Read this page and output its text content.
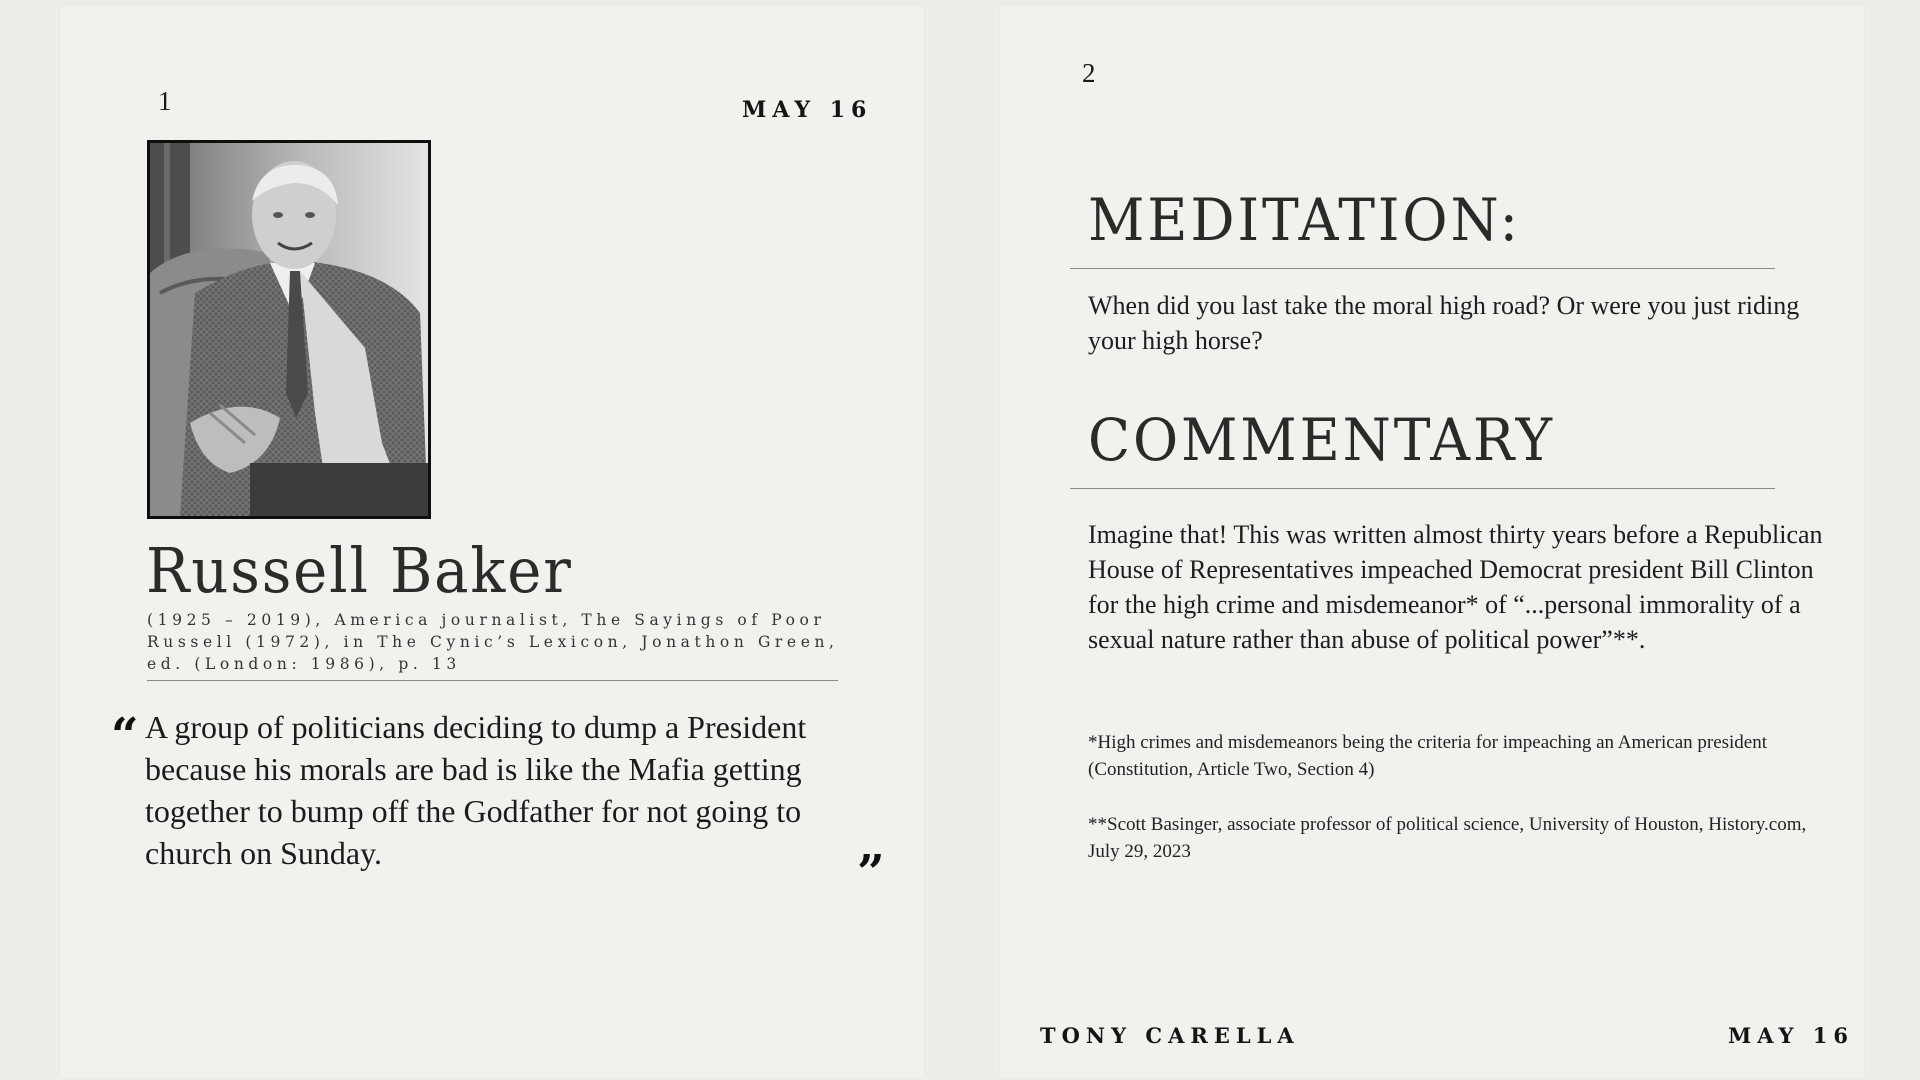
1	MAY 16
Russell Baker
(1925 – 2019), America journalist, The Sayings of Poor Russell (1972), in The Cynic’s Lexicon, Jonathon Green, ed. (London: 1986), p. 13
“ A group of politicians deciding to dump a President because his morals are bad is like the Mafia getting together to bump off the Godfather for not going to church on Sunday.	”
2
MEDITATION:
When did you last take the moral high road? Or were you just riding your high horse?
COMMENTARY
Imagine that! This was written almost thirty years before a Republican House of Representatives impeached Democrat president Bill Clinton for the high crime and misdemeanor* of “...personal immorality of a sexual nature rather than abuse of political power”**.
*High crimes and misdemeanors being the criteria for impeaching an American president (Constitution, Article Two, Section 4)
**Scott Basinger, associate professor of political science, University of Houston, History.com, July 29, 2023
TONY CARELLA	MAY 16
